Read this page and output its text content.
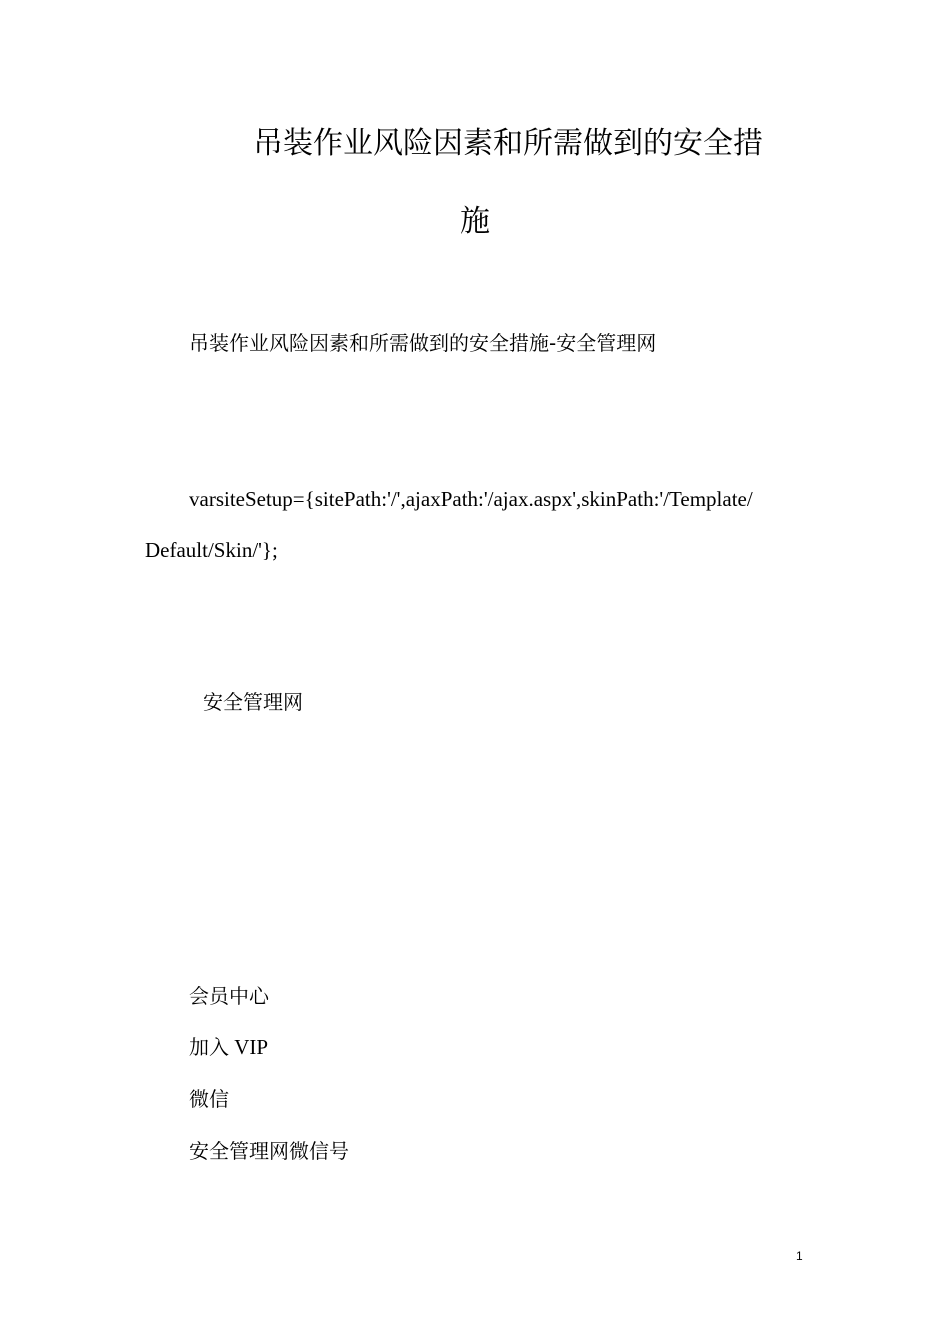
吊装作业风险因素和所需做到的安全措
施
吊装作业风险因素和所需做到的安全措施-安全管理网
varsiteSetup={sitePath:'/',ajaxPath:'/ajax.aspx',skinPath:'/Template/
Default/Skin/'};
安全管理网
会员中心
加入 VIP
微信
安全管理网微信号
1
